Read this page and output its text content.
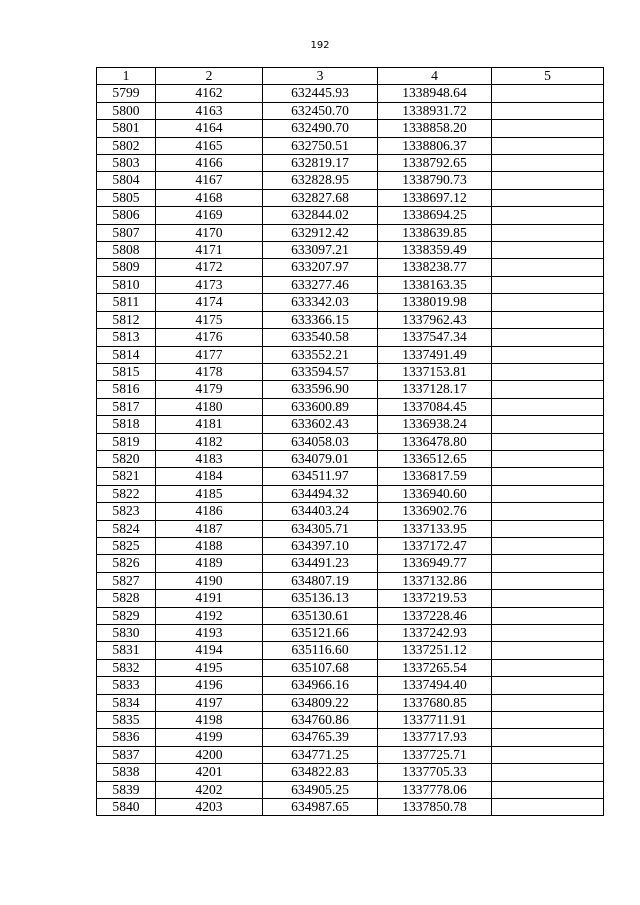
192
1	2	3	4	5
5799	4162	632445.93	1338948.64	
5800	4163	632450.70	1338931.72	
5801	4164	632490.70	1338858.20	
5802	4165	632750.51	1338806.37	
5803	4166	632819.17	1338792.65	
5804	4167	632828.95	1338790.73	
5805	4168	632827.68	1338697.12	
5806	4169	632844.02	1338694.25	
5807	4170	632912.42	1338639.85	
5808	4171	633097.21	1338359.49	
5809	4172	633207.97	1338238.77	
5810	4173	633277.46	1338163.35	
5811	4174	633342.03	1338019.98	
5812	4175	633366.15	1337962.43	
5813	4176	633540.58	1337547.34	
5814	4177	633552.21	1337491.49	
5815	4178	633594.57	1337153.81	
5816	4179	633596.90	1337128.17	
5817	4180	633600.89	1337084.45	
5818	4181	633602.43	1336938.24	
5819	4182	634058.03	1336478.80	
5820	4183	634079.01	1336512.65	
5821	4184	634511.97	1336817.59	
5822	4185	634494.32	1336940.60	
5823	4186	634403.24	1336902.76	
5824	4187	634305.71	1337133.95	
5825	4188	634397.10	1337172.47	
5826	4189	634491.23	1336949.77	
5827	4190	634807.19	1337132.86	
5828	4191	635136.13	1337219.53	
5829	4192	635130.61	1337228.46	
5830	4193	635121.66	1337242.93	
5831	4194	635116.60	1337251.12	
5832	4195	635107.68	1337265.54	
5833	4196	634966.16	1337494.40	
5834	4197	634809.22	1337680.85	
5835	4198	634760.86	1337711.91	
5836	4199	634765.39	1337717.93	
5837	4200	634771.25	1337725.71	
5838	4201	634822.83	1337705.33	
5839	4202	634905.25	1337778.06	
5840	4203	634987.65	1337850.78	
